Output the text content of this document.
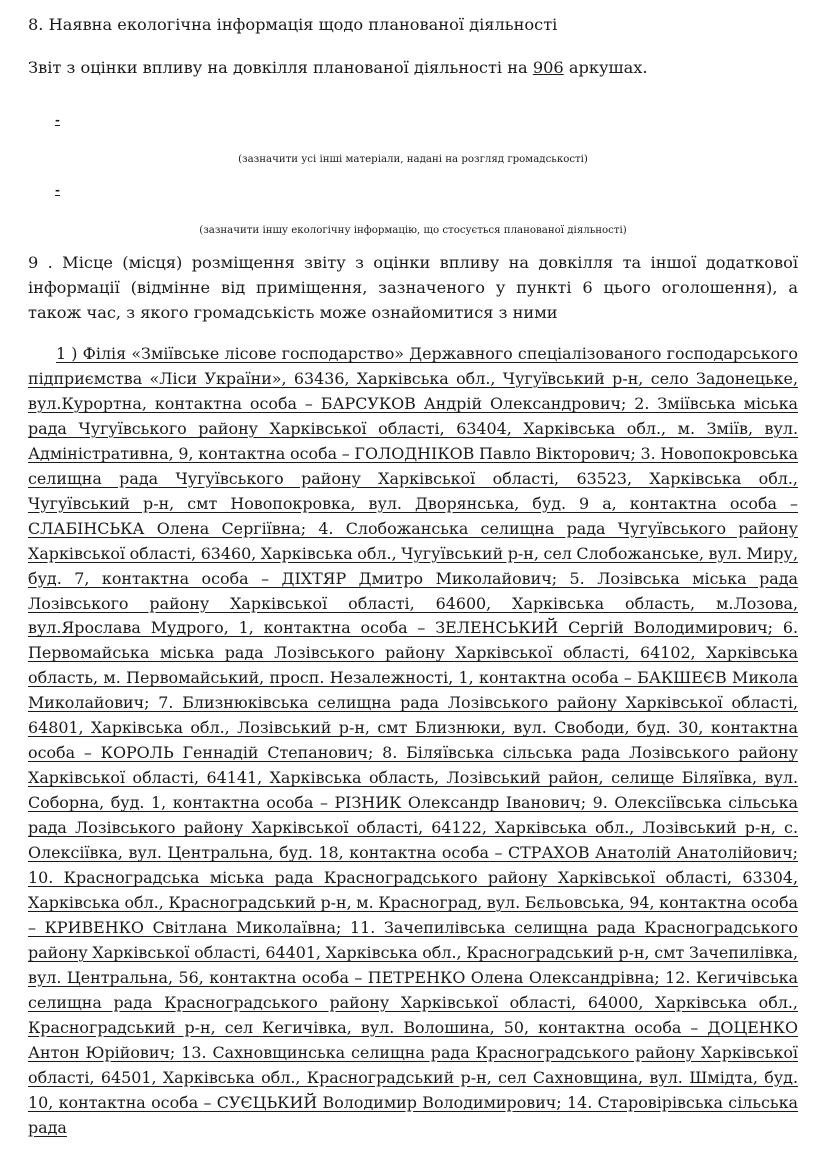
8. Наявна екологічна інформація щодо планованої діяльності
Звіт з оцінки впливу на довкілля планованої діяльності на 906 аркушах.
-
(зазначити усі інші матеріали, надані на розгляд громадськості)
-
(зазначити іншу екологічну інформацію, що стосується планованої діяльності)
9 . Місце (місця) розміщення звіту з оцінки впливу на довкілля та іншої додаткової інформації (відмінне від приміщення, зазначеного у пункті 6 цього оголошення), а також час, з якого громадськість може ознайомитися з ними
1 ) Філія «Зміївське лісове господарство» Державного спеціалізованого господарського підприємства «Ліси України», 63436, Харківська обл., Чугуївський р-н, село Задонецьке, вул.Курортна, контактна особа – БАРСУКОВ Андрій Олександрович; 2. Зміївська міська рада Чугуївського району Харківської області, 63404, Харківська обл., м. Зміїв, вул. Адміністративна, 9, контактна особа – ГОЛОДНІКОВ Павло Вікторович; 3. Новопокровська селищна рада Чугуївського району Харківської області, 63523, Харківська обл., Чугуївський р-н, смт Новопокровка, вул. Дворянська, буд. 9 а, контактна особа – СЛАБІНСЬКА Олена Сергіївна; 4. Слобожанська селищна рада Чугуївського району Харківської області, 63460, Харківська обл., Чугуївський р-н, сел Слобожанське, вул. Миру, буд. 7, контактна особа – ДІХТЯР Дмитро Миколайович; 5. Лозівська міська рада Лозівського району Харківської області, 64600, Харківська область, м.Лозова, вул.Ярослава Мудрого, 1, контактна особа – ЗЕЛЕНСЬКИЙ Сергій Володимирович; 6. Первомайська міська рада Лозівського району Харківської області, 64102, Харківська область, м. Первомайський, просп. Незалежності, 1, контактна особа – БАКШЕЄВ Микола Миколайович; 7. Близнюківська селищна рада Лозівського району Харківської області, 64801, Харківська обл., Лозівський р-н, смт Близнюки, вул. Свободи, буд. 30, контактна особа – КОРОЛЬ Геннадій Степанович; 8. Біляївська сільська рада Лозівського району Харківської області, 64141, Харківська область, Лозівський район, селище Біляївка, вул. Соборна, буд. 1, контактна особа – РІЗНИК Олександр Іванович; 9. Олексіївська сільська рада Лозівського району Харківської області, 64122, Харківська обл., Лозівський р-н, с. Олексіївка, вул. Центральна, буд. 18, контактна особа – СТРАХОВ Анатолій Анатолійович; 10. Красноградська міська рада Красноградського району Харківської області, 63304, Харківська обл., Красноградський р-н, м. Красноград, вул. Бєльовська, 94, контактна особа – КРИВЕНКО Світлана Миколаївна; 11. Зачепилівська селищна рада Красноградського району Харківської області, 64401, Харківська обл., Красноградський р-н, смт Зачепилівка, вул. Центральна, 56, контактна особа – ПЕТРЕНКО Олена Олександрівна; 12. Кегичівська селищна рада Красноградського району Харківської області, 64000, Харківська обл., Красноградський р-н, сел Кегичівка, вул. Волошина, 50, контактна особа – ДОЦЕНКО Антон Юрійович; 13. Сахновщинська селищна рада Красноградського району Харківської області, 64501, Харківська обл., Красноградський р-н, сел Сахновщина, вул. Шмідта, буд. 10, контактна особа – СУЄЦЬКИЙ Володимир Володимирович; 14. Старовірівська сільська рада
